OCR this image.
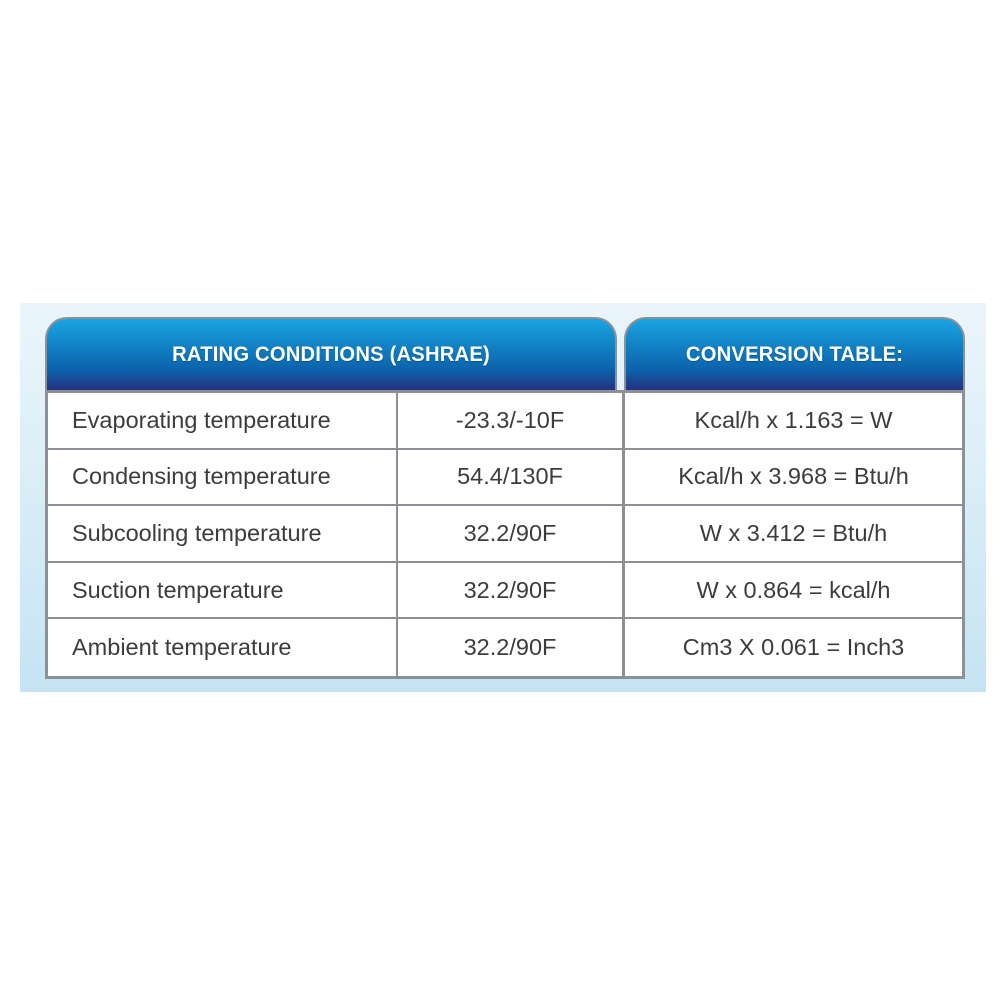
RATING CONDITIONS (ASHRAE)	CONVERSION TABLE:
Evaporating temperature	-23.3/-10F	Kcal/h x 1.163 = W
Condensing temperature	54.4/130F	Kcal/h x 3.968 = Btu/h
Subcooling temperature	32.2/90F	W x 3.412 = Btu/h
Suction temperature	32.2/90F	W x 0.864 = kcal/h
Ambient temperature	32.2/90F	Cm3 X 0.061 = Inch3
